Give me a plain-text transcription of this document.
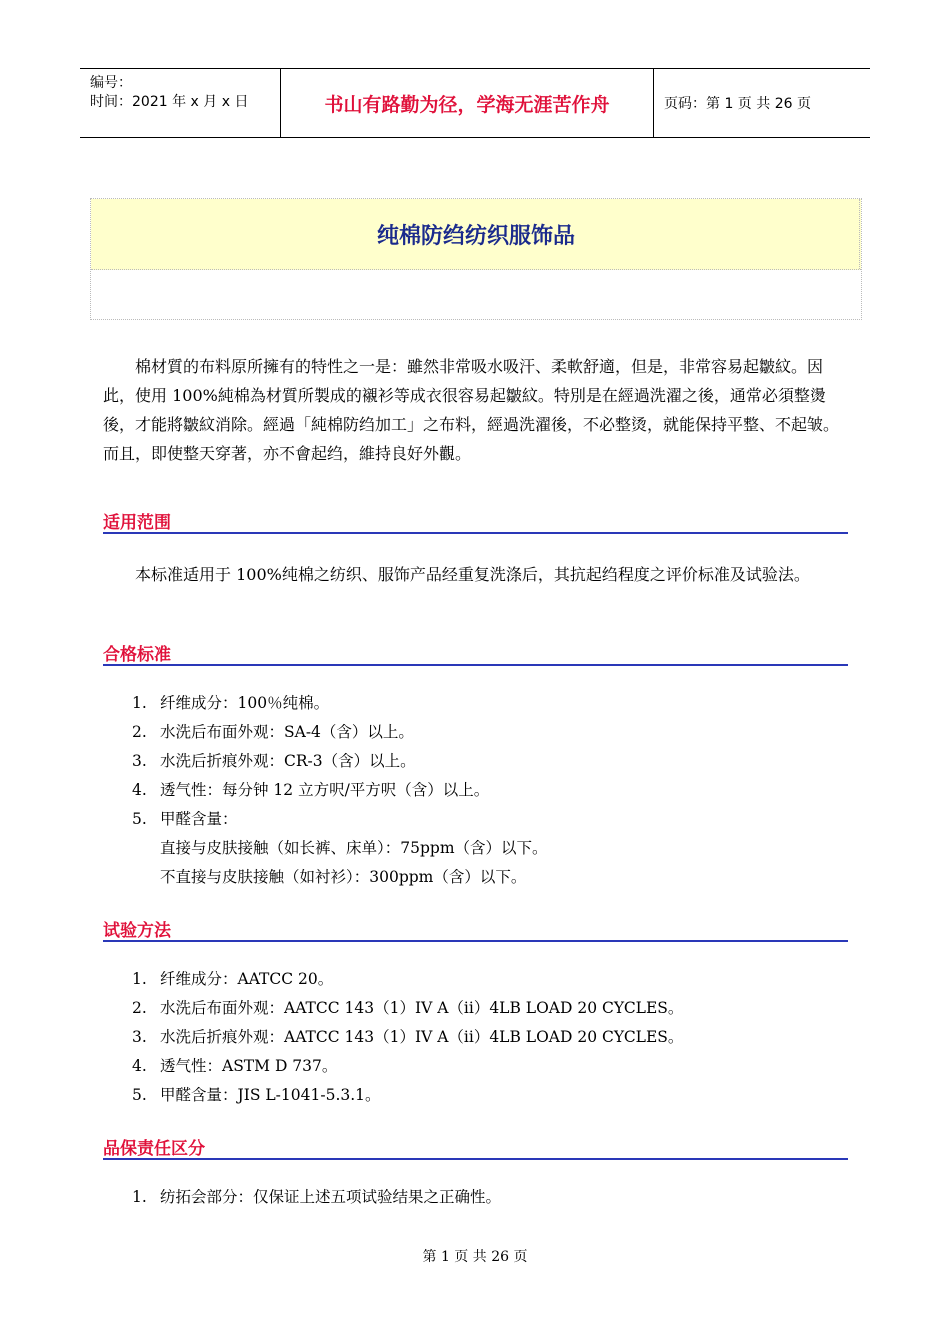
编号：
时间：2021 年 x 月 x 日	书山有路勤为径，学海无涯苦作舟	页码：第 1 页 共 26 页
纯棉防绉纺织服饰品
棉材質的布料原所擁有的特性之一是：雖然非常吸水吸汗、柔軟舒適，但是，非常容易起皺紋。因此，使用 100%純棉為材質所製成的襯衫等成衣很容易起皺紋。特別是在經過洗濯之後，通常必須整燙後，才能將皺紋消除。經過「純棉防绉加工」之布料，經過洗濯後，不必整烫，就能保持平整、不起皱。而且，即使整天穿著，亦不會起绉，維持良好外觀。
适用范围
本标准适用于 100%纯棉之纺织、服饰产品经重复洗涤后，其抗起绉程度之评价标准及试验法。
合格标准
1. 纤维成分：100％纯棉。
2. 水洗后布面外观：SA-4（含）以上。
3. 水洗后折痕外观：CR-3（含）以上。
4. 透气性：每分钟 12 立方呎/平方呎（含）以上。
5. 甲醛含量：
直接与皮肤接触（如长裤、床单）：75ppm（含）以下。
不直接与皮肤接触（如衬衫）：300ppm（含）以下。
试验方法
1. 纤维成分：AATCC 20。
2. 水洗后布面外观：AATCC 143（1）IV A（ii）4LB LOAD 20 CYCLES。
3. 水洗后折痕外观：AATCC 143（1）IV A（ii）4LB LOAD 20 CYCLES。
4. 透气性：ASTM D 737。
5. 甲醛含量：JIS L-1041-5.3.1。
品保责任区分
1. 纺拓会部分：仅保证上述五项试验结果之正确性。
第 1 页 共 26 页
